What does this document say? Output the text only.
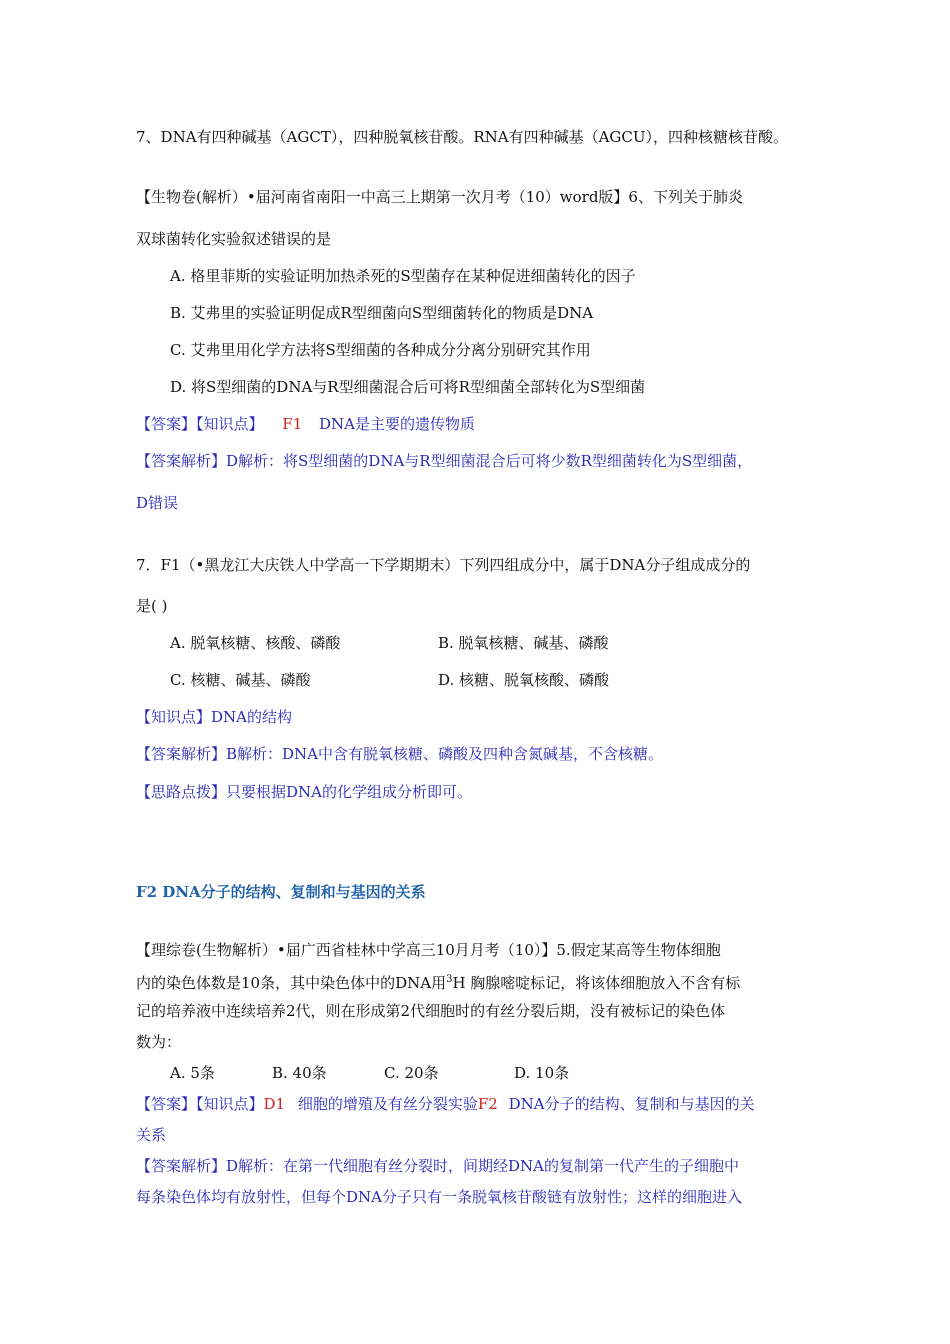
7、DNA有四种碱基（AGCT），四种脱氧核苷酸。RNA有四种碱基（AGCU），四种核糖核苷酸。
【生物卷(解析）•届河南省南阳一中高三上期第一次月考（10）word版】6、下列关于肺炎
双球菌转化实验叙述错误的是
A. 格里菲斯的实验证明加热杀死的S型菌存在某种促进细菌转化的因子
B. 艾弗里的实验证明促成R型细菌向S型细菌转化的物质是DNA
C. 艾弗里用化学方法将S型细菌的各种成分分离分别研究其作用
D. 将S型细菌的DNA与R型细菌混合后可将R型细菌全部转化为S型细菌
【答案】【知识点】 F1 DNA是主要的遗传物质
【答案解析】D解析：将S型细菌的DNA与R型细菌混合后可将少数R型细菌转化为S型细菌，
D错误
7．F1（•黑龙江大庆铁人中学高一下学期期末）下列四组成分中，属于DNA分子组成成分的
是( )
A. 脱氧核糖、核酸、磷酸	B. 脱氧核糖、碱基、磷酸
C. 核糖、碱基、磷酸	D. 核糖、脱氧核酸、磷酸
【知识点】DNA的结构
【答案解析】B解析：DNA中含有脱氧核糖、磷酸及四种含氮碱基，不含核糖。
【思路点拨】只要根据DNA的化学组成分析即可。
F2 DNA分子的结构、复制和与基因的关系
【理综卷(生物解析）•届广西省桂林中学高三10月月考（10）】5.假定某高等生物体细胞
内的染色体数是10条，其中染色体中的DNA用$^3$H 胸腺嘧啶标记，将该体细胞放入不含有标
记的培养液中连续培养2代，则在形成第2代细胞时的有丝分裂后期，没有被标记的染色体
数为：
A. 5条	B. 40条	C. 20条	D. 10条
【答案】【知识点】D1 细胞的增殖及有丝分裂实验F2 DNA分子的结构、复制和与基因的关
关系
【答案解析】D解析：在第一代细胞有丝分裂时，间期经DNA的复制第一代产生的子细胞中
每条染色体均有放射性，但每个DNA分子只有一条脱氧核苷酸链有放射性；这样的细胞进入
